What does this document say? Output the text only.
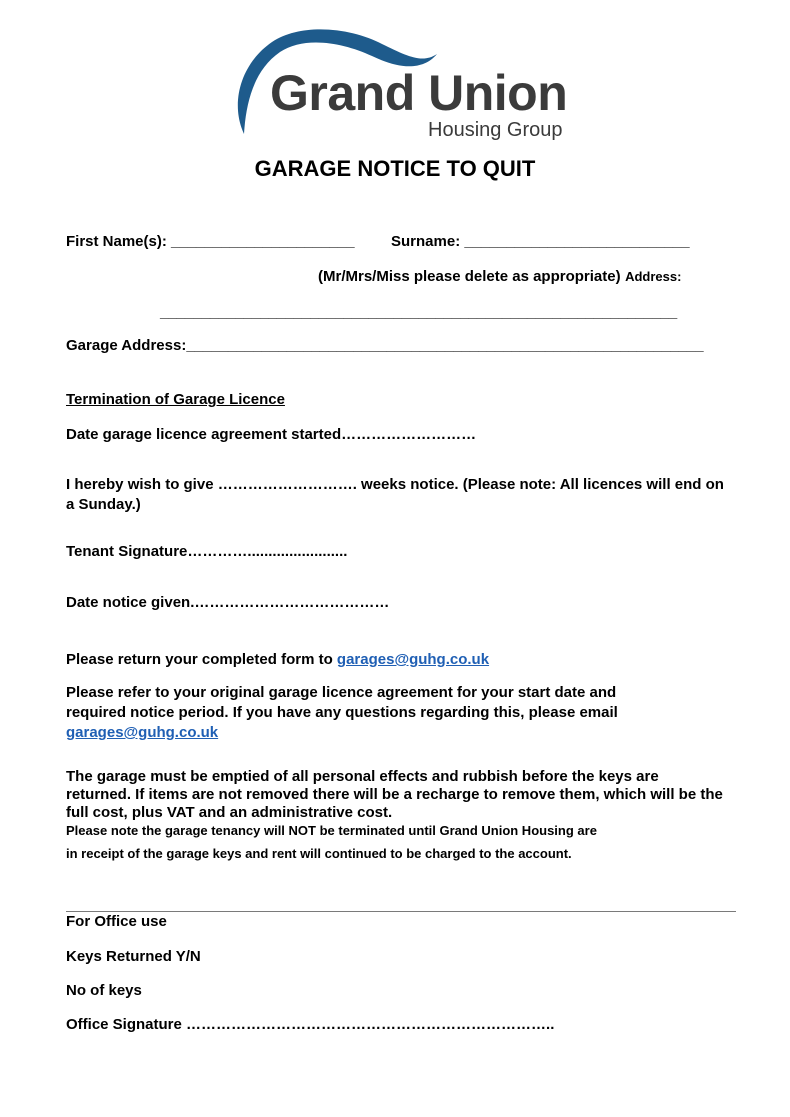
Grand Union
Housing Group
GARAGE NOTICE TO QUIT
First Name(s): ______________________ Surname: ___________________________
(Mr/Mrs/Miss please delete as appropriate) Address:
______________________________________________________________
Garage Address:______________________________________________________________
Termination of Garage Licence
Date garage licence agreement started………………………
I hereby wish to give ………………………. weeks notice. (Please note: All licences will end on a Sunday.)
Tenant Signature…………........................
Date notice given.…………………………………
Please return your completed form to garages@guhg.co.uk
Please refer to your original garage licence agreement for your start date and required notice period. If you have any questions regarding this, please email garages@guhg.co.uk
The garage must be emptied of all personal effects and rubbish before the keys are returned. If items are not removed there will be a recharge to remove them, which will be the full cost, plus VAT and an administrative cost.
Please note the garage tenancy will NOT be terminated until Grand Union Housing are
in receipt of the garage keys and rent will continued to be charged to the account.
For Office use
Keys Returned Y/N
No of keys
Office Signature ………………………………………………………………..
